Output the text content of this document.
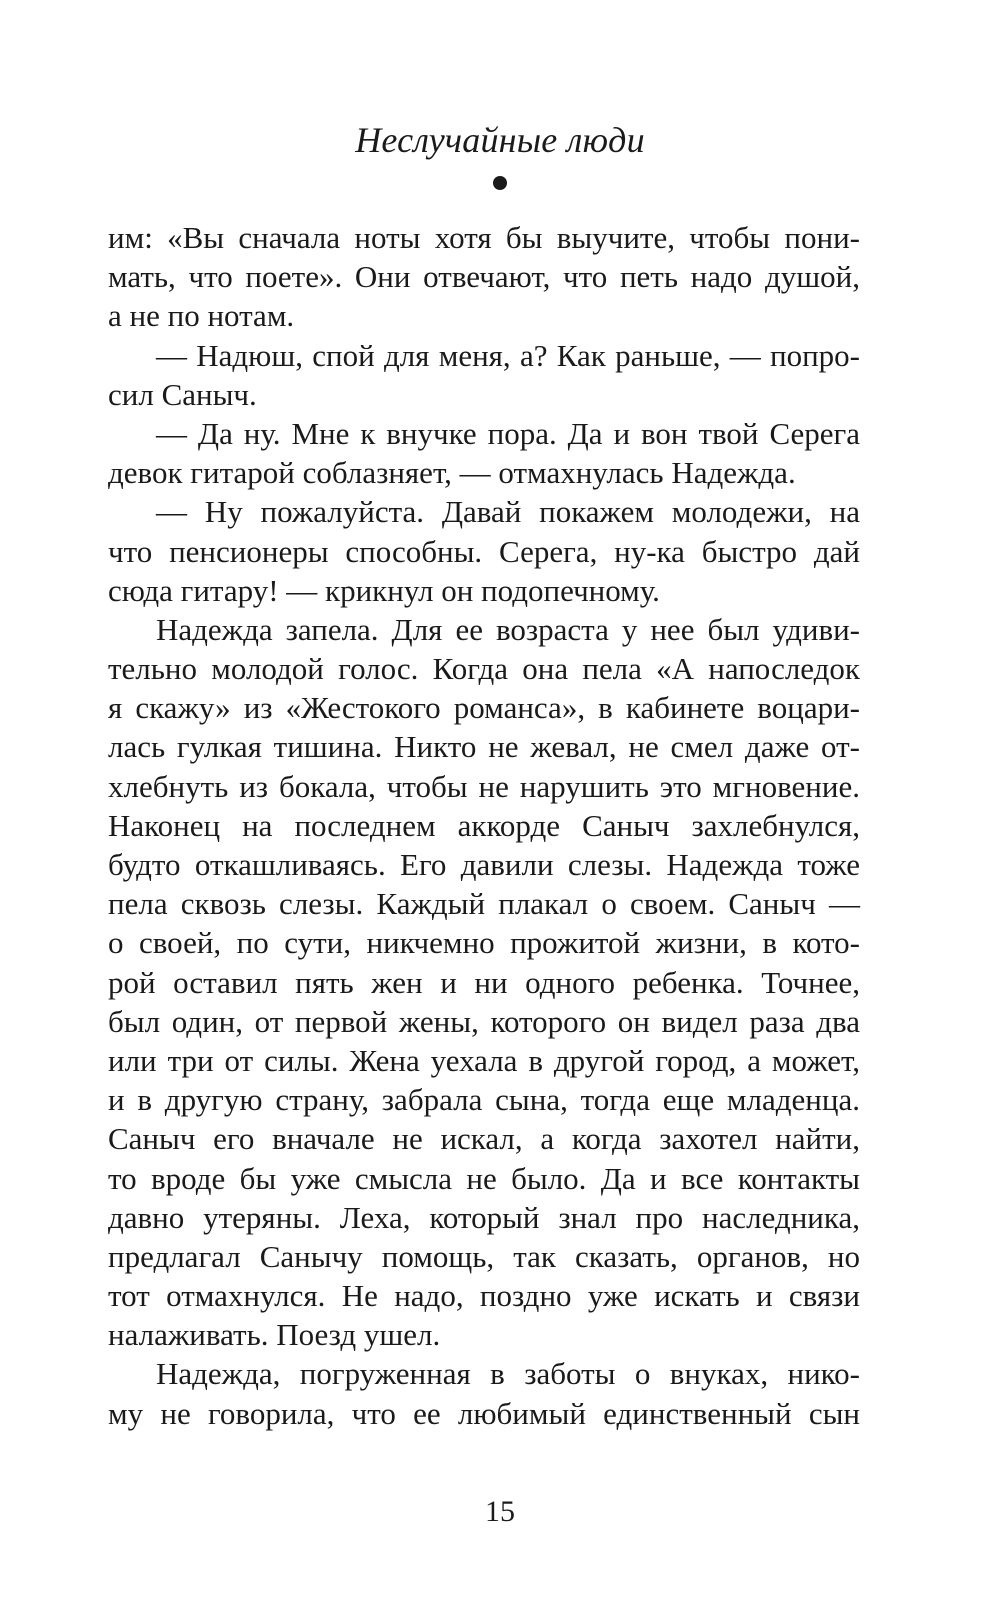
Неслучайные люди
им: «Вы сначала ноты хотя бы выучите, чтобы пони-
мать, что поете». Они отвечают, что петь надо душой,
а не по нотам.
— Надюш, спой для меня, а? Как раньше, — попро-
сил Саныч.
— Да ну. Мне к внучке пора. Да и вон твой Серега
девок гитарой соблазняет, — отмахнулась Надежда.
— Ну пожалуйста. Давай покажем молодежи, на
что пенсионеры способны. Серега, ну-ка быстро дай
сюда гитару! — крикнул он подопечному.
Надежда запела. Для ее возраста у нее был удиви-
тельно молодой голос. Когда она пела «А напоследок
я скажу» из «Жестокого романса», в кабинете воцари-
лась гулкая тишина. Никто не жевал, не смел даже от-
хлебнуть из бокала, чтобы не нарушить это мгновение.
Наконец на последнем аккорде Саныч захлебнулся,
будто откашливаясь. Его давили слезы. Надежда тоже
пела сквозь слезы. Каждый плакал о своем. Саныч —
о своей, по сути, никчемно прожитой жизни, в кото-
рой оставил пять жен и ни одного ребенка. Точнее,
был один, от первой жены, которого он видел раза два
или три от силы. Жена уехала в другой город, а может,
и в другую страну, забрала сына, тогда еще младенца.
Саныч его вначале не искал, а когда захотел найти,
то вроде бы уже смысла не было. Да и все контакты
давно утеряны. Леха, который знал про наследника,
предлагал Санычу помощь, так сказать, органов, но
тот отмахнулся. Не надо, поздно уже искать и связи
налаживать. Поезд ушел.
Надежда, погруженная в заботы о внуках, нико-
му не говорила, что ее любимый единственный сын
15
